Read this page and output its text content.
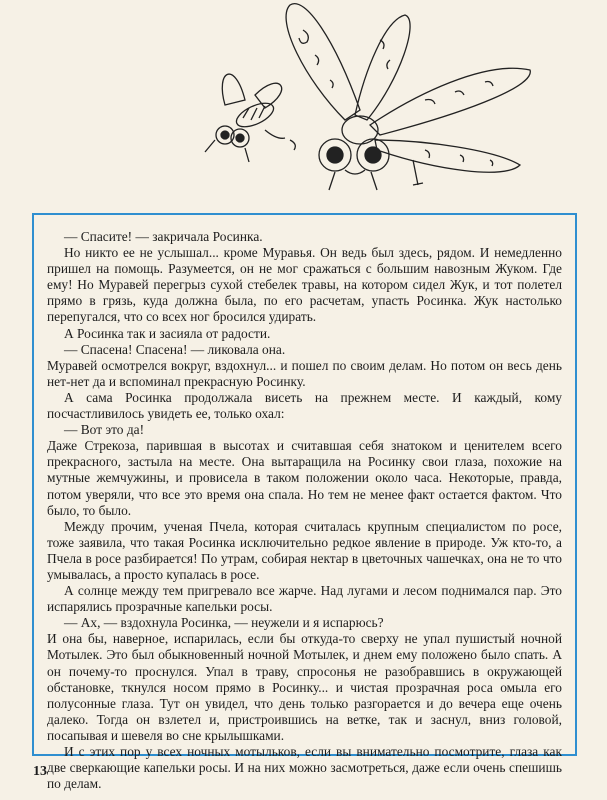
— Спасите! — закричала Росинка.

Но никто ее не услышал... кроме Муравья. Он ведь был здесь, рядом. И немедленно пришел на помощь. Разумеется, он не мог сражаться с большим навозным Жуком. Где ему! Но Муравей перегрыз сухой стебелек травы, на котором сидел Жук, и тот полетел прямо в грязь, куда должна была, по его расчетам, упасть Росинка. Жук настолько перепугался, что со всех ног бросился удирать.

А Росинка так и засияла от радости.

— Спасена! Спасена! — ликовала она.

Муравей осмотрелся вокруг, вздохнул... и пошел по своим делам. Но потом он весь день нет-нет да и вспоминал прекрасную Росинку.

А сама Росинка продолжала висеть на прежнем месте. И каждый, кому посчастливилось увидеть ее, только охал:

— Вот это да!

Даже Стрекоза, парившая в высотах и считавшая себя знатоком и ценителем всего прекрасного, застыла на месте. Она вытаращила на Росинку свои глаза, похожие на мутные жемчужины, и провисела в таком положении около часа. Некоторые, правда, потом уверяли, что все это время она спала. Но тем не менее факт остается фактом. Что было, то было.

Между прочим, ученая Пчела, которая считалась крупным специалистом по росе, тоже заявила, что такая Росинка исключительно редкое явление в природе. Уж кто-то, а Пчела в росе разбирается! По утрам, собирая нектар в цветочных чашечках, она не то что умывалась, а просто купалась в росе.

А солнце между тем пригревало все жарче. Над лугами и лесом поднимался пар. Это испарялись прозрачные капельки росы.

— Ах, — вздохнула Росинка, — неужели и я испарюсь?

И она бы, наверное, испарилась, если бы откуда-то сверху не упал пушистый ночной Мотылек. Это был обыкновенный ночной Мотылек, и днем ему положено было спать. А он почему-то проснулся. Упал в траву, спросонья не разобравшись в окружающей обстановке, ткнулся носом прямо в Росинку... и чистая прозрачная роса омыла его полусонные глаза. Тут он увидел, что день только разгорается и до вечера еще очень далеко. Тогда он взлетел и, пристроившись на ветке, так и заснул, вниз головой, посапывая и шевеля во сне крылышками.

И с этих пор у всех ночных мотыльков, если вы внимательно посмотрите, глаза как две сверкающие капельки росы. И на них можно засмотреться, даже если очень спешишь по делам.

13
